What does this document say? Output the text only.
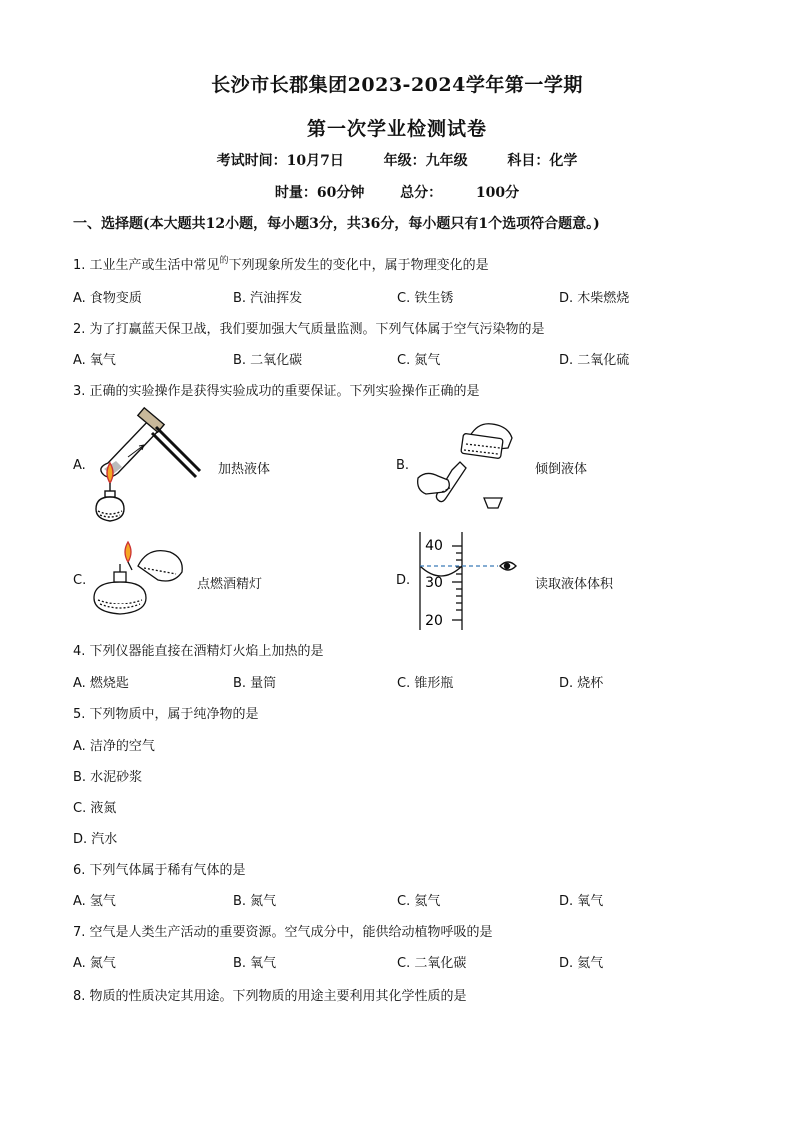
长沙市长郡集团2023-2024学年第一学期
第一次学业检测试卷
考试时间：10月7日	年级：九年级	科目：化学
时量：60分钟	总分： 100分
一、选择题(本大题共12小题，每小题3分，共36分，每小题只有1个选项符合题意。)
1. 工业生产或生活中常见$^的$下列现象所发生的变化中，属于物理变化的是
A. 食物变质	B. 汽油挥发	C. 铁生锈	D. 木柴燃烧
2. 为了打赢蓝天保卫战，我们要加强大气质量监测。下列气体属于空气污染物的是
A. 氧气	B. 二氧化碳	C. 氮气	D. 二氧化硫
3. 正确的实验操作是获得实验成功的重要保证。下列实验操作正确的是
A.	加热液体	B.	倾倒液体
C.	点燃酒精灯	D.
40
30
20
读取液体体积
4. 下列仪器能直接在酒精灯火焰上加热的是
A. 燃烧匙	B. 量筒	C. 锥形瓶	D. 烧杯
5. 下列物质中，属于纯净物的是
A. 洁净的空气
B. 水泥砂浆
C. 液氮
D. 汽水
6. 下列气体属于稀有气体的是
A. 氢气	B. 氮气	C. 氦气	D. 氧气
7. 空气是人类生产活动的重要资源。空气成分中，能供给动植物呼吸的是
A. 氮气	B. 氧气	C. 二氧化碳	D. 氦气
8. 物质的性质决定其用途。下列物质的用途主要利用其化学性质的是
